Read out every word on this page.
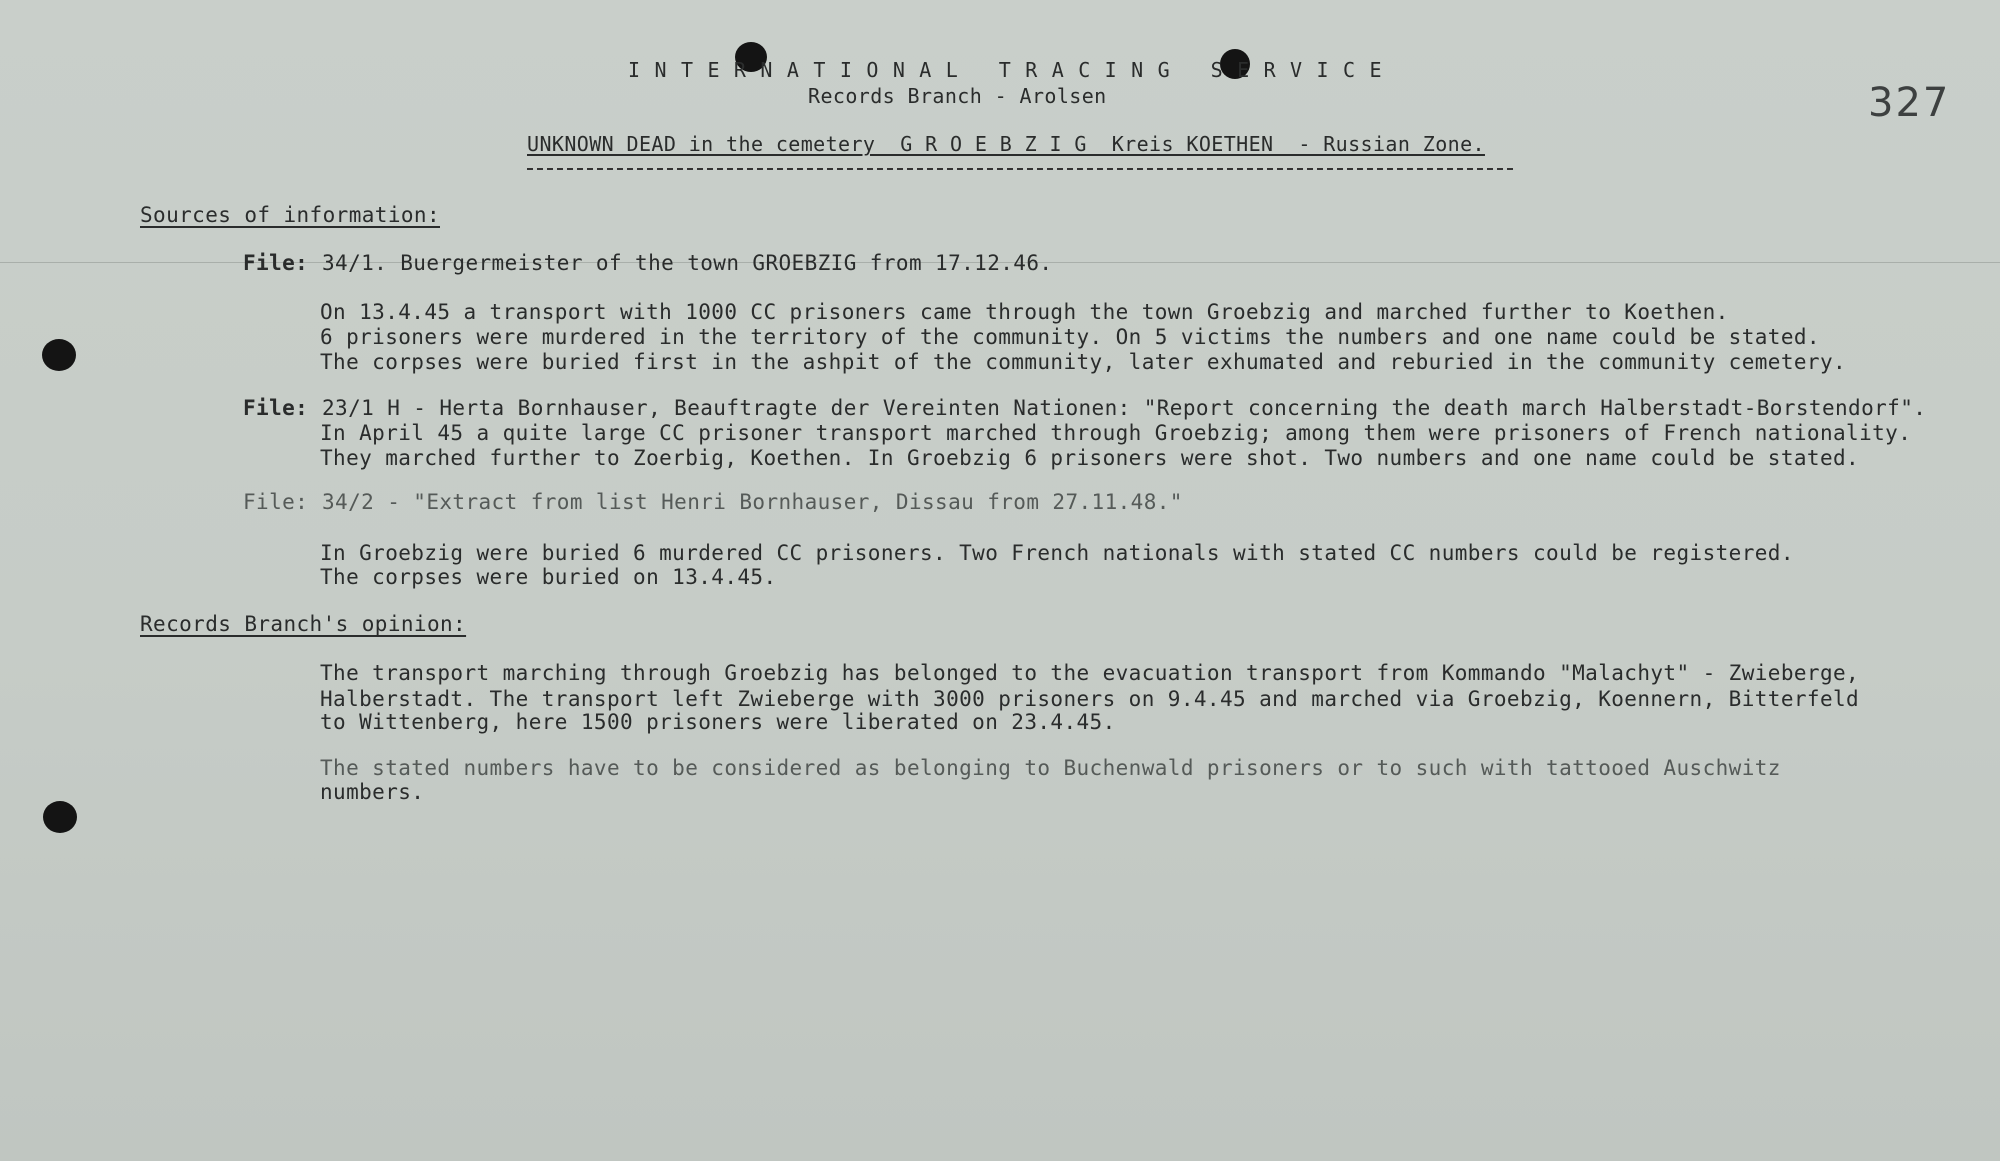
I N T E R N A T I O N A L   T R A C I N G   S E R V I C E

Records Branch - Arolsen

UNKNOWN DEAD in the cemetery  G R O E B Z I G  Kreis KOETHEN  - Russian Zone.

327

Sources of information:

File: 34/1. Buergermeister of the town GROEBZIG from 17.12.46.

On 13.4.45 a transport with 1000 CC prisoners came through the town Groebzig and marched further to Koethen.

6 prisoners were murdered in the territory of the community. On 5 victims the numbers and one name could be stated.

The corpses were buried first in the ashpit of the community, later exhumated and reburied in the community cemetery.

File: 23/1 H - Herta Bornhauser, Beauftragte der Vereinten Nationen: "Report concerning the death march Halberstadt-Borstendorf".

In April 45 a quite large CC prisoner transport marched through Groebzig; among them were prisoners of French nationality.

They marched further to Zoerbig, Koethen. In Groebzig 6 prisoners were shot. Two numbers and one name could be stated.

File: 34/2 - "Extract from list Henri Bornhauser, Dissau from 27.11.48."

In Groebzig were buried 6 murdered CC prisoners. Two French nationals with stated CC numbers could be registered.

The corpses were buried on 13.4.45.

Records Branch's opinion:

The transport marching through Groebzig has belonged to the evacuation transport from Kommando "Malachyt" - Zwieberge,

Halberstadt. The transport left Zwieberge with 3000 prisoners on 9.4.45 and marched via Groebzig, Koennern, Bitterfeld

to Wittenberg, here 1500 prisoners were liberated on 23.4.45.

The stated numbers have to be considered as belonging to Buchenwald prisoners or to such with tattooed Auschwitz

numbers.
